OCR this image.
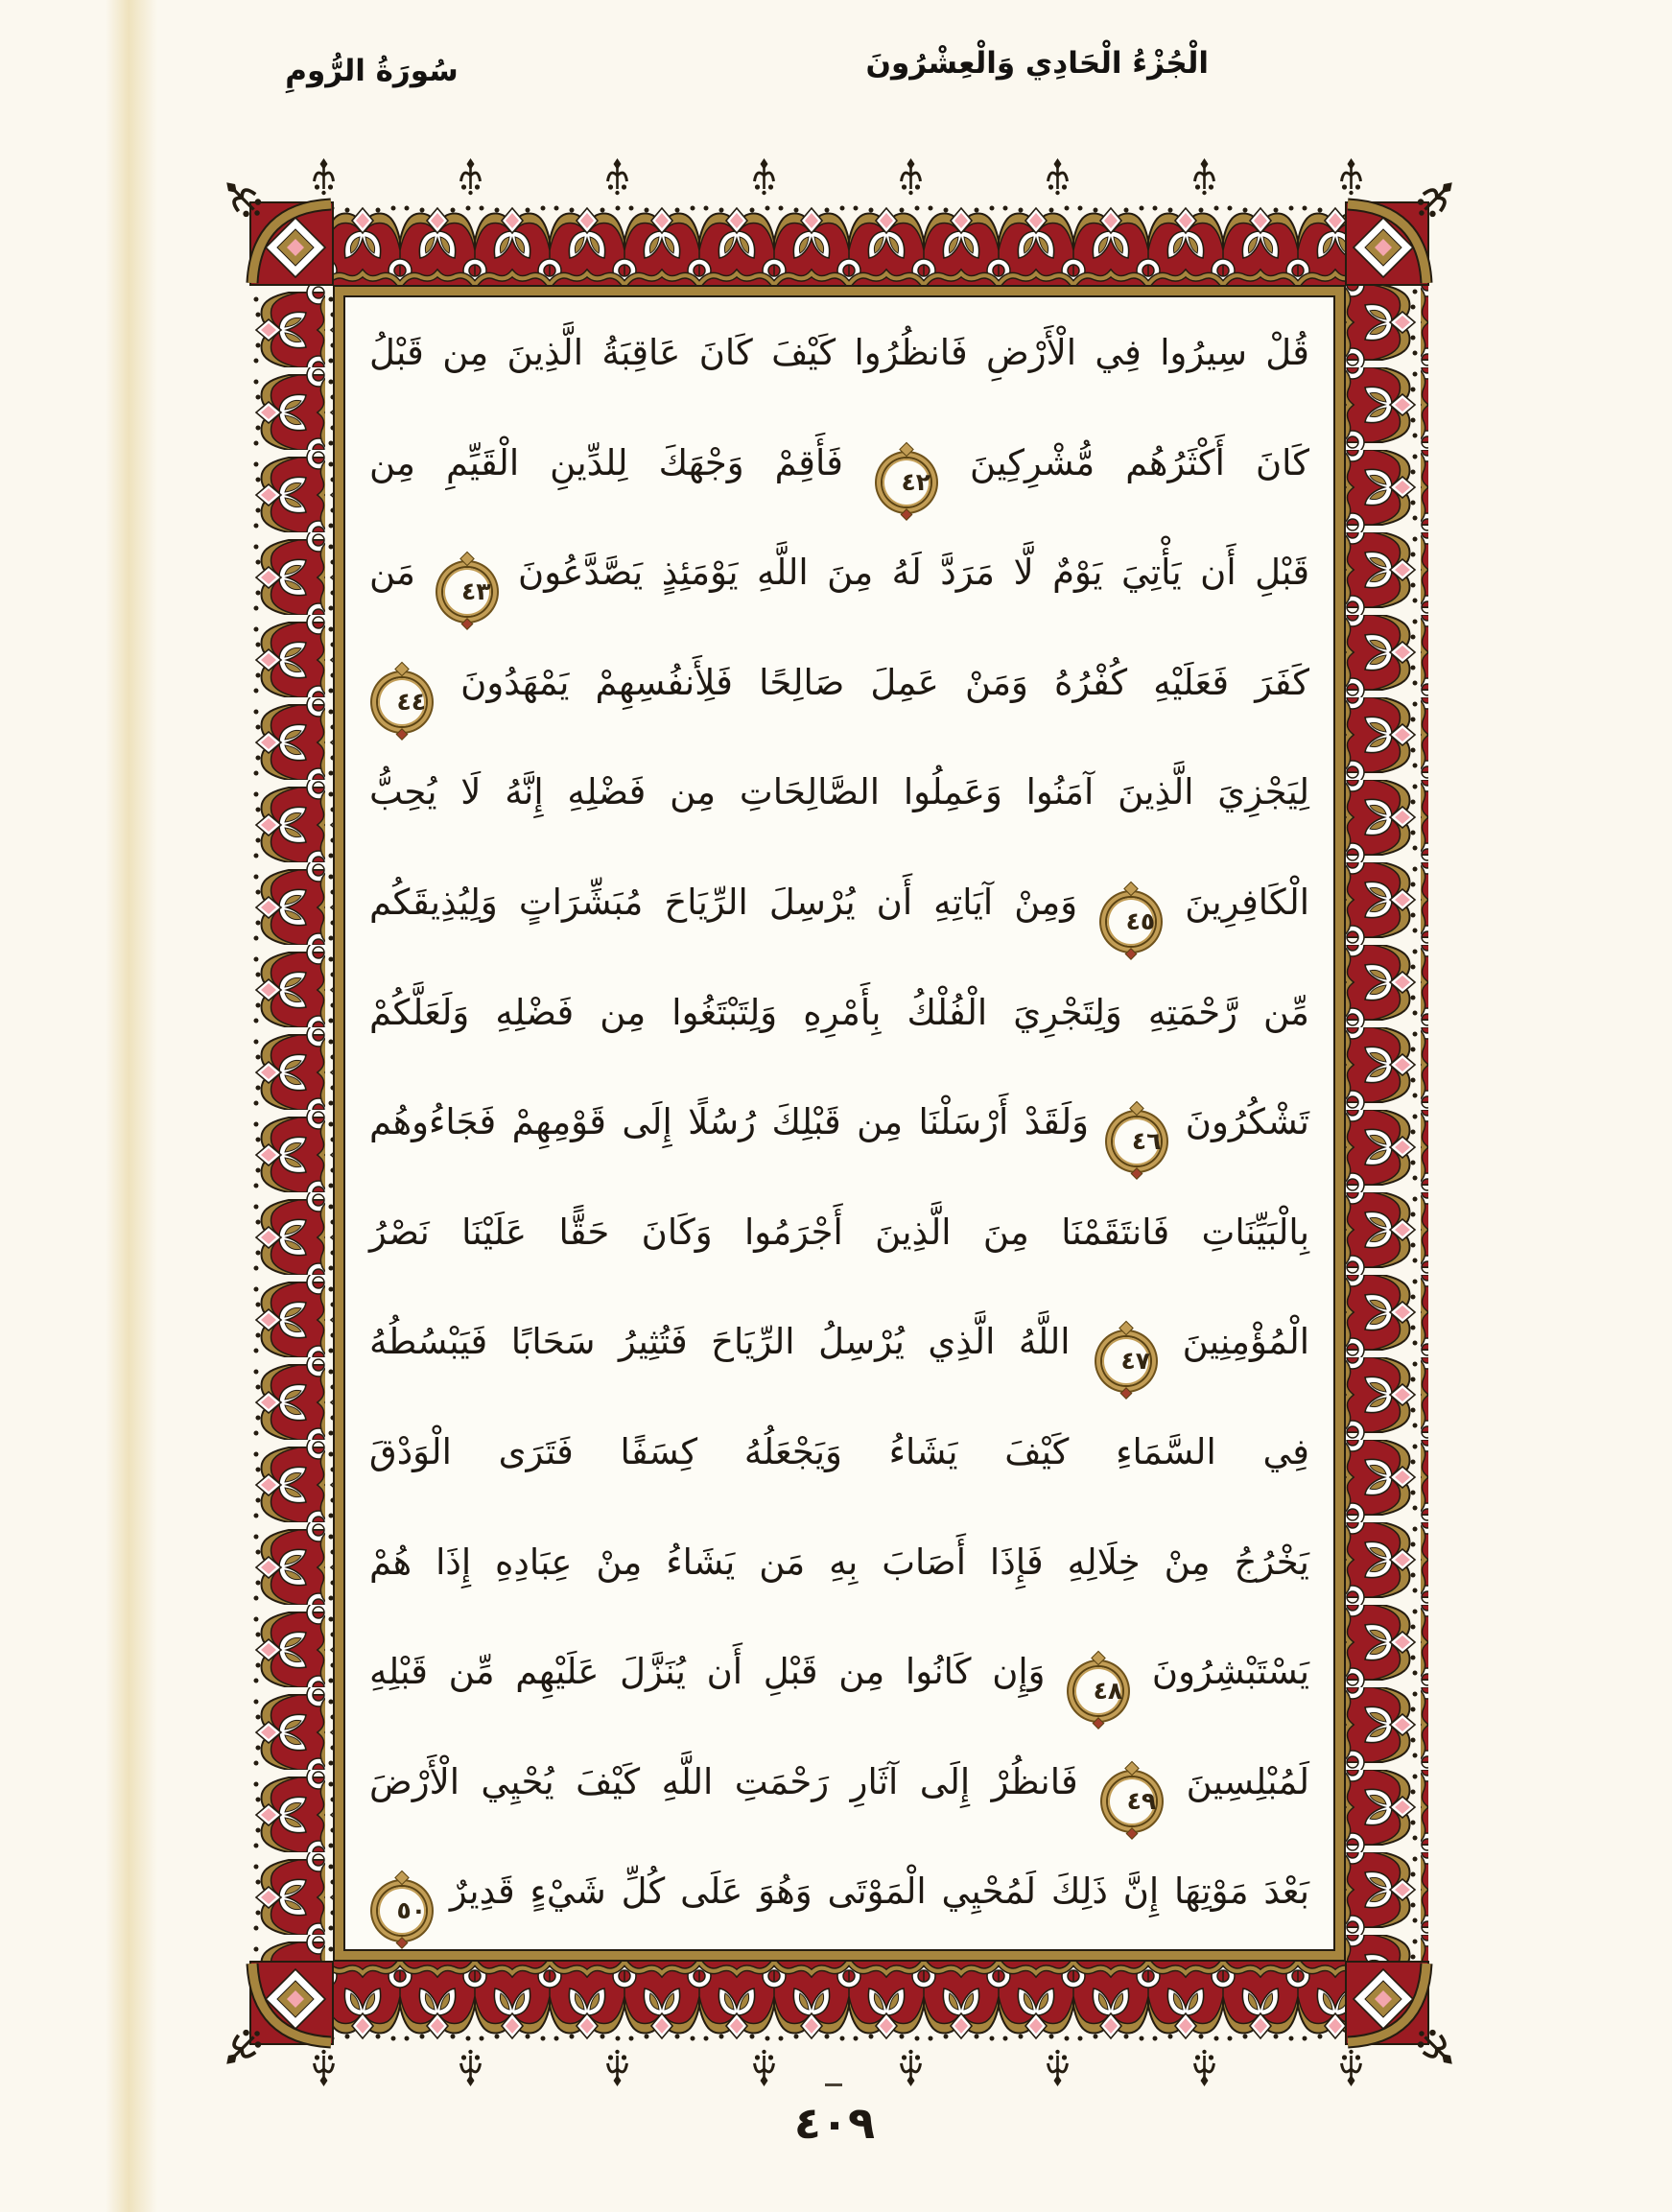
الْجُزْءُ الْحَادِي وَالْعِشْرُونَ
سُورَةُ الرُّومِ
قُلْ سِيرُوا فِي الْأَرْضِ فَانظُرُوا كَيْفَ كَانَ عَاقِبَةُ الَّذِينَ مِن قَبْلُ
كَانَ أَكْثَرُهُم مُّشْرِكِينَ
٤٢
فَأَقِمْ وَجْهَكَ لِلدِّينِ الْقَيِّمِ مِن
قَبْلِ أَن يَأْتِيَ يَوْمٌ لَّا مَرَدَّ لَهُ مِنَ اللَّهِ يَوْمَئِذٍ يَصَّدَّعُونَ
٤٣
مَن
كَفَرَ فَعَلَيْهِ كُفْرُهُ وَمَنْ عَمِلَ صَالِحًا فَلِأَنفُسِهِمْ يَمْهَدُونَ
٤٤
لِيَجْزِيَ الَّذِينَ آمَنُوا وَعَمِلُوا الصَّالِحَاتِ مِن فَضْلِهِ إِنَّهُ لَا يُحِبُّ
الْكَافِرِينَ
٤٥
وَمِنْ آيَاتِهِ أَن يُرْسِلَ الرِّيَاحَ مُبَشِّرَاتٍ وَلِيُذِيقَكُم
مِّن رَّحْمَتِهِ وَلِتَجْرِيَ الْفُلْكُ بِأَمْرِهِ وَلِتَبْتَغُوا مِن فَضْلِهِ وَلَعَلَّكُمْ
تَشْكُرُونَ
٤٦
وَلَقَدْ أَرْسَلْنَا مِن قَبْلِكَ رُسُلًا إِلَى قَوْمِهِمْ فَجَاءُوهُم
بِالْبَيِّنَاتِ فَانتَقَمْنَا مِنَ الَّذِينَ أَجْرَمُوا وَكَانَ حَقًّا عَلَيْنَا نَصْرُ
الْمُؤْمِنِينَ
٤٧
اللَّهُ الَّذِي يُرْسِلُ الرِّيَاحَ فَتُثِيرُ سَحَابًا فَيَبْسُطُهُ
فِي السَّمَاءِ كَيْفَ يَشَاءُ وَيَجْعَلُهُ كِسَفًا فَتَرَى الْوَدْقَ
يَخْرُجُ مِنْ خِلَالِهِ فَإِذَا أَصَابَ بِهِ مَن يَشَاءُ مِنْ عِبَادِهِ إِذَا هُمْ
يَسْتَبْشِرُونَ
٤٨
وَإِن كَانُوا مِن قَبْلِ أَن يُنَزَّلَ عَلَيْهِم مِّن قَبْلِهِ
لَمُبْلِسِينَ
٤٩
فَانظُرْ إِلَى آثَارِ رَحْمَتِ اللَّهِ كَيْفَ يُحْيِي الْأَرْضَ
بَعْدَ مَوْتِهَا إِنَّ ذَلِكَ لَمُحْيِي الْمَوْتَى وَهُوَ عَلَى كُلِّ شَيْءٍ قَدِيرٌ
٥٠
٤٠٩
